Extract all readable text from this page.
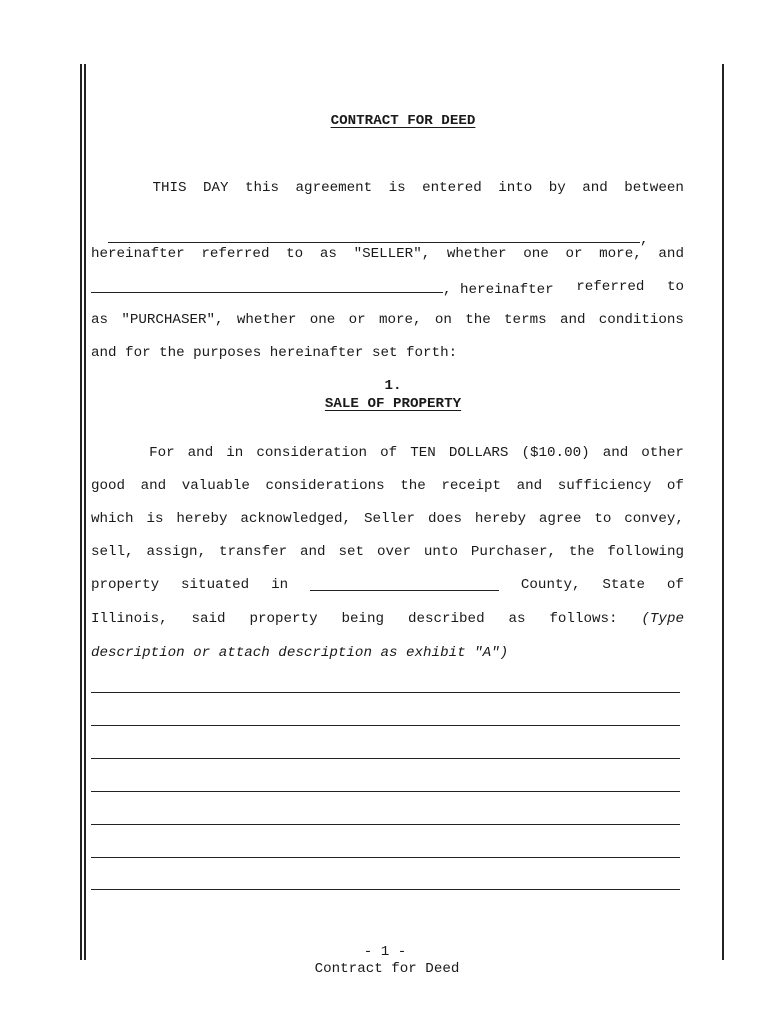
CONTRACT FOR DEED
THIS DAY this agreement is entered into by and between

,

hereinafter referred to as "SELLER", whether one or more, and
, hereinafter referred to
as "PURCHASER", whether one or more, on the terms and conditions
and for the purposes hereinafter set forth:
1.
SALE OF PROPERTY
For and in consideration of TEN DOLLARS ($10.00) and other
good and valuable considerations the receipt and sufficiency of
which is hereby acknowledged, Seller does hereby agree to convey,
sell, assign, transfer and set over unto Purchaser, the following
property situated in	County, State of
Illinois, said property being described as follows: (Type
description or attach description as exhibit "A")
- 1 -
Contract for Deed
